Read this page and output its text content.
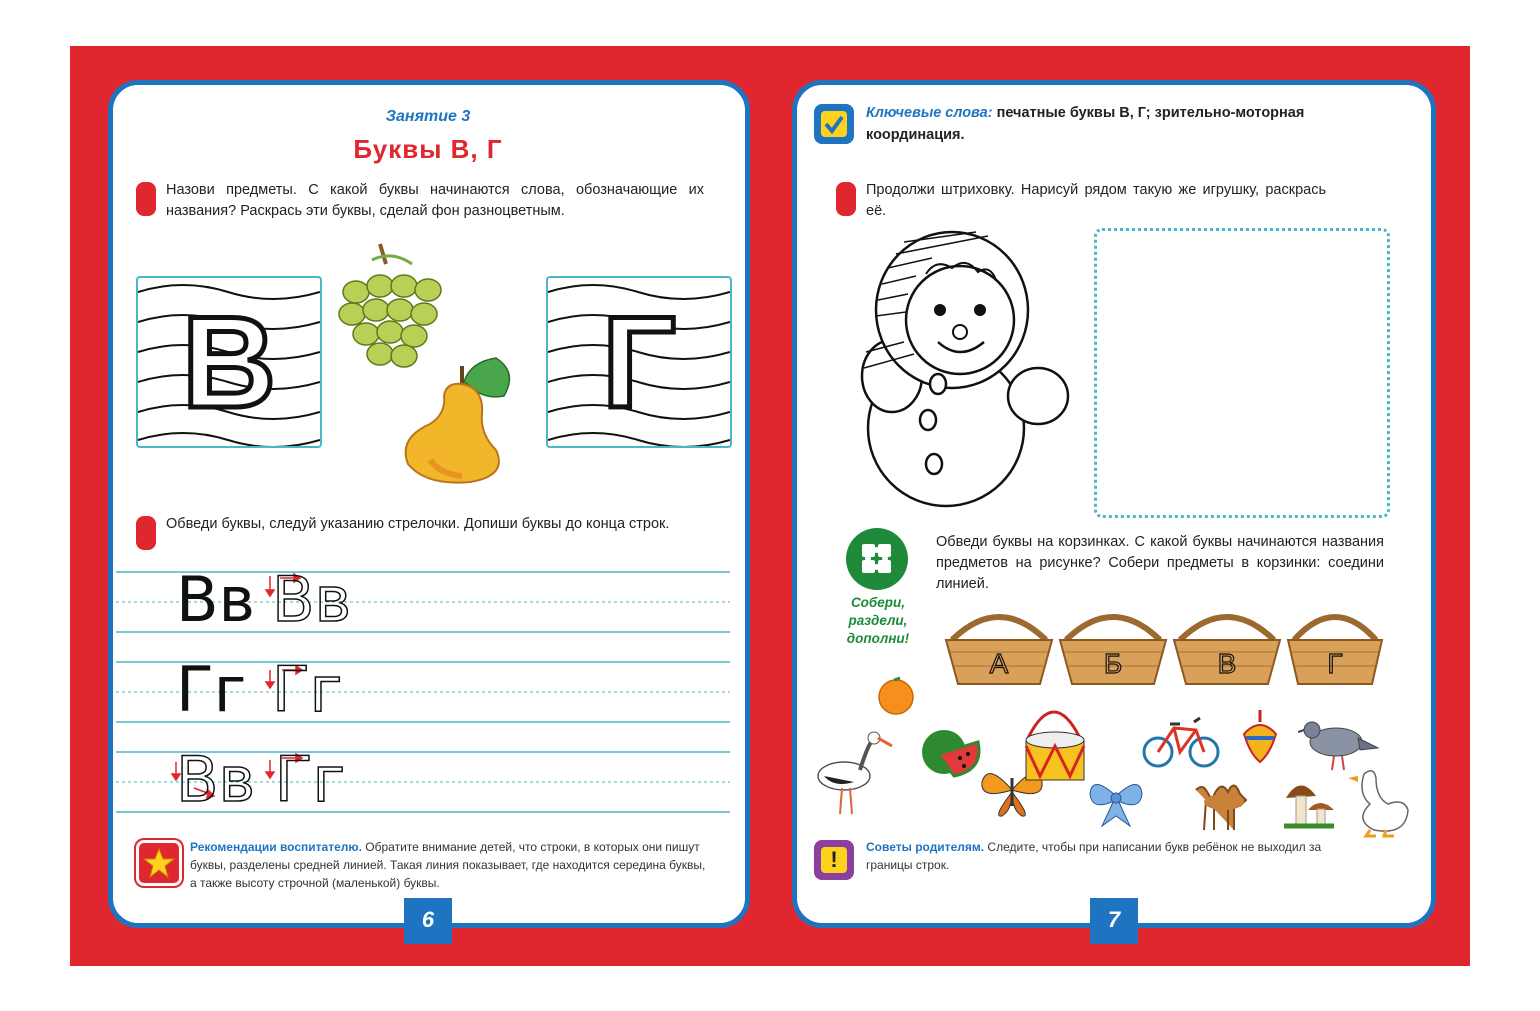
Занятие 3
Буквы В, Г
Назови предметы. С какой буквы начинаются слова, обозначающие их названия? Раскрась эти буквы, сделай фон разноцветным.
В	Г
Обведи буквы, следуй указанию стрелочки. Допиши буквы до конца строк.
Вв Вв
Гг Гг
Вв Гг
Рекомендации воспитателю. Обратите внимание детей, что строки, в которых они пишут буквы, разделены средней линией. Такая линия показывает, где находится середина буквы, а также высоту строчной (маленькой) буквы.
6
Ключевые слова: печатные буквы В, Г; зрительно-моторная координация.
Продолжи штриховку. Нарисуй рядом такую же игрушку, раскрась её.
Собери, раздели, дополни!
Обведи буквы на корзинках. С какой буквы начинаются названия предметов на рисунке? Собери предметы в корзинки: соедини линией.
А	Б	В	Г
!	Советы родителям. Следите, чтобы при написании букв ребёнок не выходил за границы строк.
7
